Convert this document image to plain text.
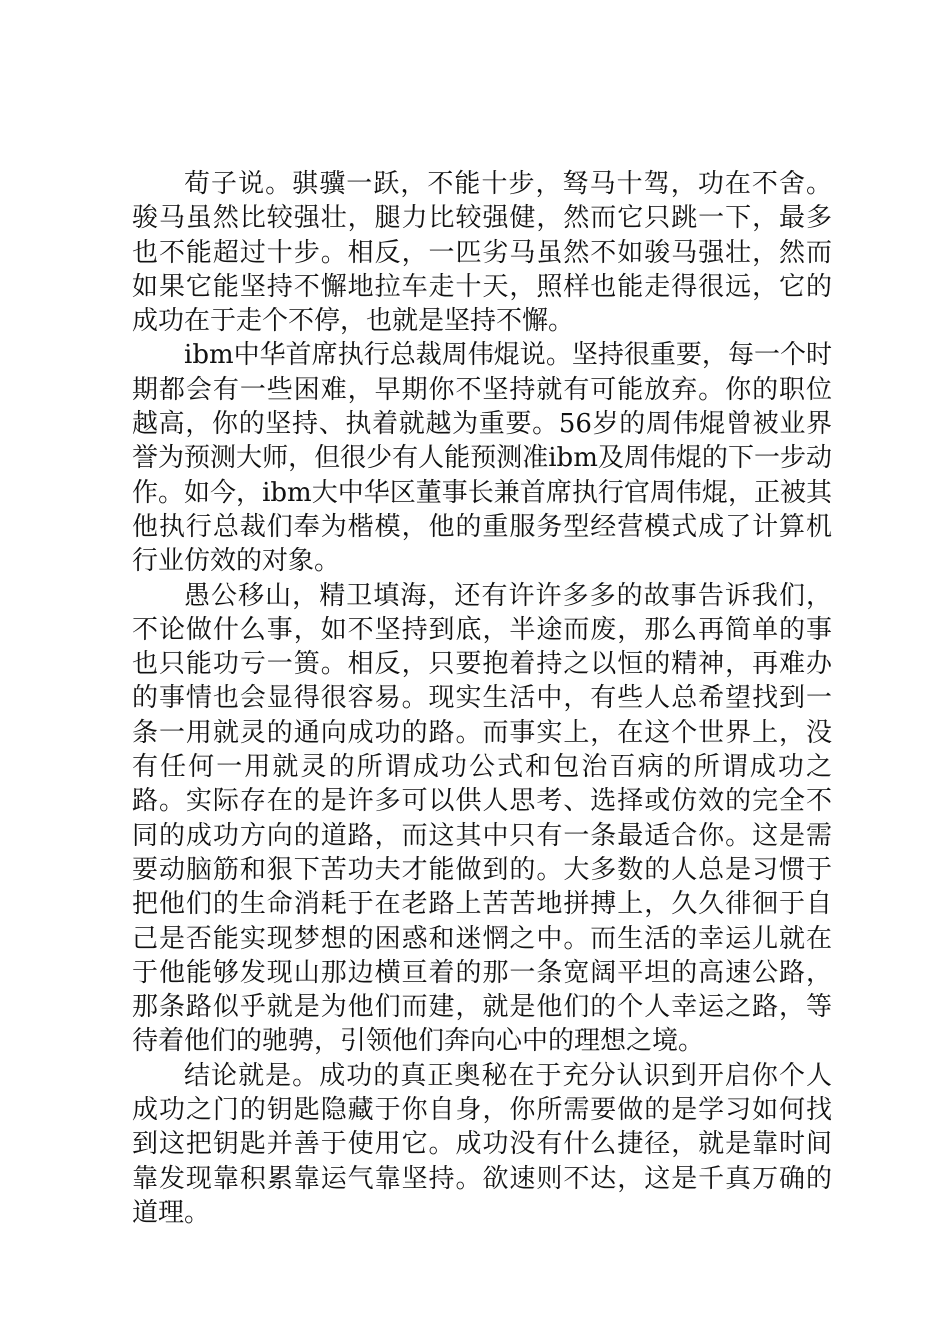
荀子说。骐骥一跃，不能十步，驽马十驾，功在不舍。骏马虽然比较强壮，腿力比较强健，然而它只跳一下，最多也不能超过十步。相反，一匹劣马虽然不如骏马强壮，然而如果它能坚持不懈地拉车走十天，照样也能走得很远，它的成功在于走个不停，也就是坚持不懈。

ibm中华首席执行总裁周伟焜说。坚持很重要，每一个时期都会有一些困难，早期你不坚持就有可能放弃。你的职位越高，你的坚持、执着就越为重要。56岁的周伟焜曾被业界誉为预测大师，但很少有人能预测准ibm及周伟焜的下一步动作。如今，ibm大中华区董事长兼首席执行官周伟焜，正被其他执行总裁们奉为楷模，他的重服务型经营模式成了计算机行业仿效的对象。

愚公移山，精卫填海，还有许许多多的故事告诉我们，不论做什么事，如不坚持到底，半途而废，那么再简单的事也只能功亏一篑。相反，只要抱着持之以恒的精神，再难办的事情也会显得很容易。现实生活中，有些人总希望找到一条一用就灵的通向成功的路。而事实上，在这个世界上，没有任何一用就灵的所谓成功公式和包治百病的所谓成功之路。实际存在的是许多可以供人思考、选择或仿效的完全不同的成功方向的道路，而这其中只有一条最适合你。这是需要动脑筋和狠下苦功夫才能做到的。大多数的人总是习惯于把他们的生命消耗于在老路上苦苦地拼搏上，久久徘徊于自己是否能实现梦想的困惑和迷惘之中。而生活的幸运儿就在于他能够发现山那边横亘着的那一条宽阔平坦的高速公路，那条路似乎就是为他们而建，就是他们的个人幸运之路，等待着他们的驰骋，引领他们奔向心中的理想之境。

结论就是。成功的真正奥秘在于充分认识到开启你个人成功之门的钥匙隐藏于你自身，你所需要做的是学习如何找到这把钥匙并善于使用它。成功没有什么捷径，就是靠时间靠发现靠积累靠运气靠坚持。欲速则不达，这是千真万确的道理。
